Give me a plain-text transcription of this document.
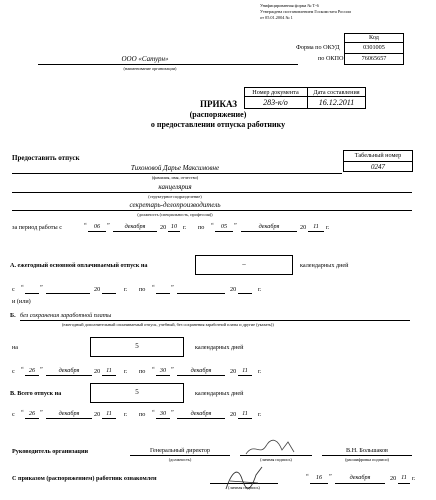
Унифицированная форма № Т-6
Утверждена постановлением Госкомстата России
от 05.01.2004 № 1
Код
Форма по ОКУД	0301005
по ОКПО	76065657
ООО «Сатурн»
(наименование организации)
Номер документа	Дата составления
283-к/о	16.12.2011
ПРИКАЗ
(распоряжение)
о предоставлении отпуска работнику
Предоставить отпуск	Табельный номер
0247
Тихоновой Дарье Максимовне
(фамилия, имя, отчество)
канцелярия
(структурное подразделение)
секретарь-делопроизводитель
(должность (специальность, профессия))
за период работы с	“	06	”	декабря	20 10 г. по “	05	”	декабря	20	11	г.
А. ежегодный основной оплачиваемый отпуск на	–	календарных дней
с “	”	20	г. по “	”	20	г.
и (или)
Б. без сохранения заработной платы
(ежегодный дополнительный оплачиваемый отпуск, учебный, без сохранения заработной платы и другие (указать))
на	5	календарных дней
с “ 26 ”	декабря	20 11	г. по “ 30 ”	декабря	20 11	г.
В. Всего отпуск на	5	календарных дней
с “ 26 ”	декабря	20 11	г. по “ 30 ”	декабря	20 11	г.
Руководитель организации	Генеральный директор
(должность)	(личная подпись)
В.Н. Большаков
(расшифровка подписи)
С приказом (распоряжением) работник ознакомлен
(личная подпись)
“	16	”	декабря	20 11 г.
